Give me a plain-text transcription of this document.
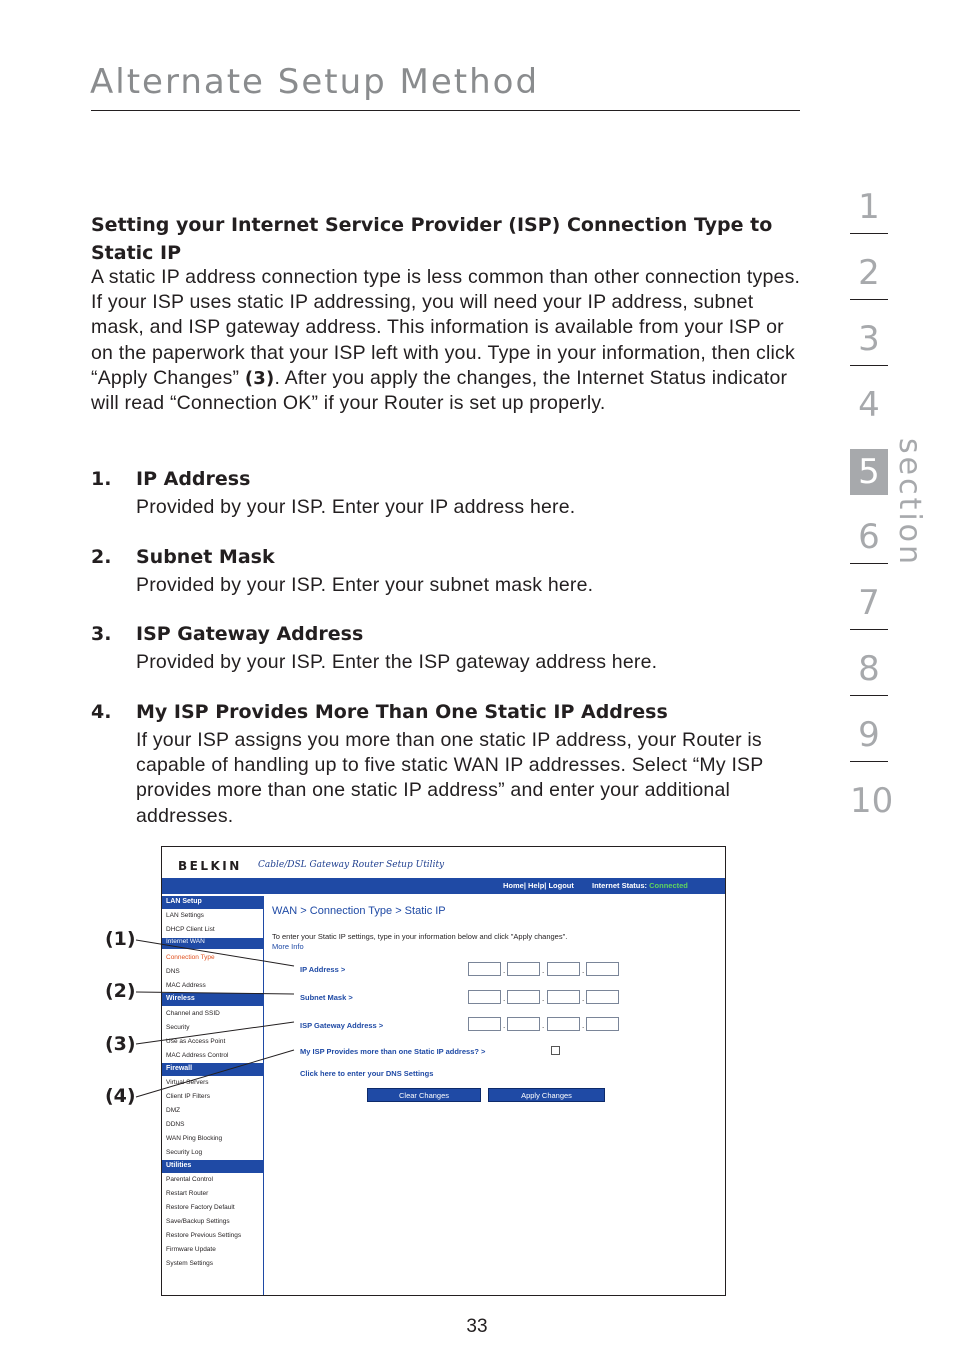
Alternate Setup Method
Setting your Internet Service Provider (ISP) Connection Type to Static IP
A static IP address connection type is less common than other connection types. If your ISP uses static IP addressing, you will need your IP address, subnet mask, and ISP gateway address. This information is available from your ISP or on the paperwork that your ISP left with you. Type in your information, then click “Apply Changes” (3). After you apply the changes, the Internet Status indicator will read “Connection OK” if your Router is set up properly.
1. IP Address
Provided by your ISP. Enter your IP address here.
2. Subnet Mask
Provided by your ISP. Enter your subnet mask here.
3. ISP Gateway Address
Provided by your ISP. Enter the ISP gateway address here.
4. My ISP Provides More Than One Static IP Address
If your ISP assigns you more than one static IP address, your Router is capable of handling up to five static WAN IP addresses. Select “My ISP provides more than one static IP address” and enter your additional addresses.
1
2
3
4
5
6
7
8
9
10
section
BELKIN Cable/DSL Gateway Router Setup Utility
Home| Help| Logout Internet Status: Connected
LAN Setup
LAN Settings
DHCP Client List
Internet WAN
Connection Type
DNS
MAC Address
Wireless
Channel and SSID
Security
Use as Access Point
MAC Address Control
Firewall
Virtual Servers
Client IP Filters
DMZ
DDNS
WAN Ping Blocking
Security Log
Utilities
Parental Control
Restart Router
Restore Factory Default
Save/Backup Settings
Restore Previous Settings
Firmware Update
System Settings
WAN > Connection Type > Static IP
To enter your Static IP settings, type in your information below and click "Apply changes".
More Info
IP Address >	.	.	.
Subnet Mask >	.	.	.
ISP Gateway Address >	.	.	.
My ISP Provides more than one Static IP address? >
Click here to enter your DNS Settings
Clear Changes	Apply Changes
(1)
(2)
(3)
(4)
33
